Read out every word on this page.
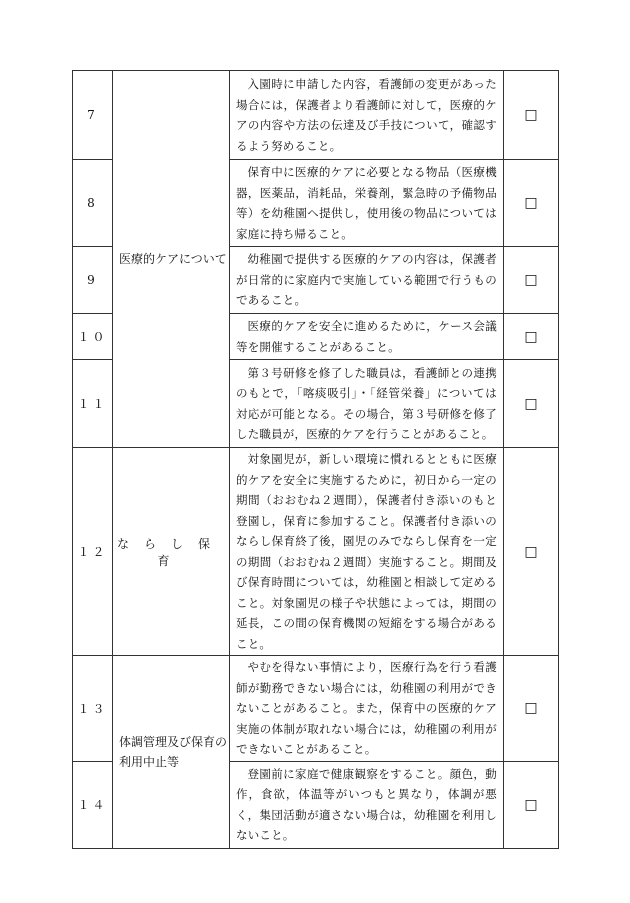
7	医療的ケアについて	入園時に申請した内容，看護師の変更があった場合には，保護者より看護師に対して，医療的ケアの内容や方法の伝達及び手技について，確認するよう努めること。	□
8		保育中に医療的ケアに必要となる物品（医療機器，医薬品，消耗品，栄養剤，緊急時の予備物品等）を幼稚園へ提供し，使用後の物品については家庭に持ち帰ること。	□
9		幼稚園で提供する医療的ケアの内容は，保護者が日常的に家庭内で実施している範囲で行うものであること。	□
１０		医療的ケアを安全に進めるために，ケース会議等を開催することがあること。	□
１１		第３号研修を修了した職員は，看護師との連携のもとで，「喀痰吸引」・「経管栄養」については対応が可能となる。その場合，第３号研修を修了した職員が，医療的ケアを行うことがあること。	□
１２	ならし保育	対象園児が，新しい環境に慣れるとともに医療的ケアを安全に実施するために，初日から一定の期間（おおむね２週間），保護者付き添いのもと登園し，保育に参加すること。保護者付き添いのならし保育終了後，園児のみでならし保育を一定の期間（おおむね２週間）実施すること。期間及び保育時間については，幼稚園と相談して定めること。対象園児の様子や状態によっては，期間の延長，この間の保育機関の短縮をする場合があること。	□
１３	体調管理及び保育の利用中止等	やむを得ない事情により，医療行為を行う看護師が勤務できない場合には，幼稚園の利用ができないことがあること。また，保育中の医療的ケア実施の体制が取れない場合には，幼稚園の利用ができないことがあること。	□
１４		登園前に家庭で健康観察をすること。顔色，動作，食欲，体温等がいつもと異なり，体調が悪く，集団活動が適さない場合は，幼稚園を利用しないこと。	□
